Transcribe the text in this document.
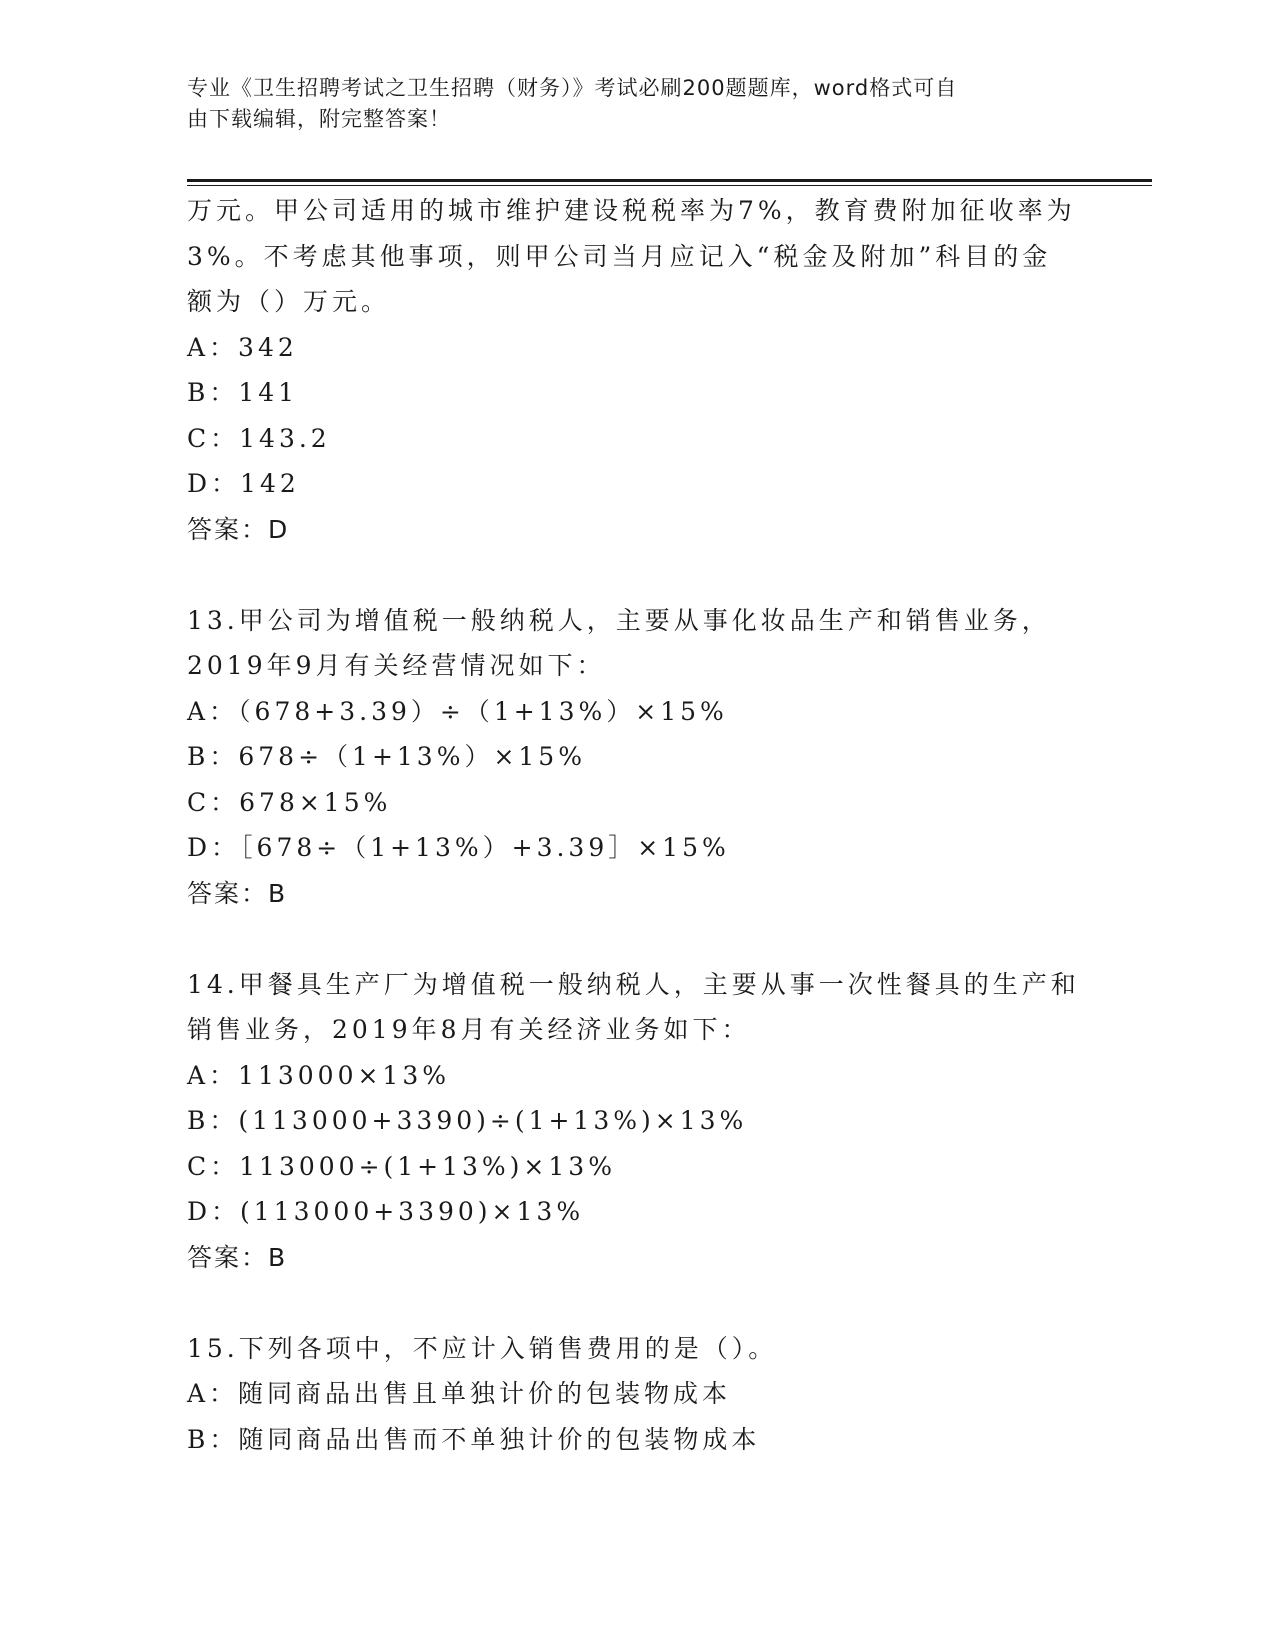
专业《卫生招聘考试之卫生招聘（财务）》考试必刷200题题库，word格式可自
由下载编辑，附完整答案！
万元。甲公司适用的城市维护建设税税率为7%，教育费附加征收率为
3%。不考虑其他事项，则甲公司当月应记入“税金及附加”科目的金
额为（）万元。
A：342
B：141
C：143.2
D：142
答案：D
13.甲公司为增值税一般纳税人，主要从事化妆品生产和销售业务，
2019年9月有关经营情况如下：
A：（678+3.39）÷（1+13%）×15%
B：678÷（1+13%）×15%
C：678×15%
D：［678÷（1+13%）+3.39］×15%
答案：B
14.甲餐具生产厂为增值税一般纳税人，主要从事一次性餐具的生产和
销售业务，2019年8月有关经济业务如下：
A：113000×13%
B：(113000+3390)÷(1+13%)×13%
C：113000÷(1+13%)×13%
D：(113000+3390)×13%
答案：B
15.下列各项中，不应计入销售费用的是（）。
A：随同商品出售且单独计价的包装物成本
B：随同商品出售而不单独计价的包装物成本
